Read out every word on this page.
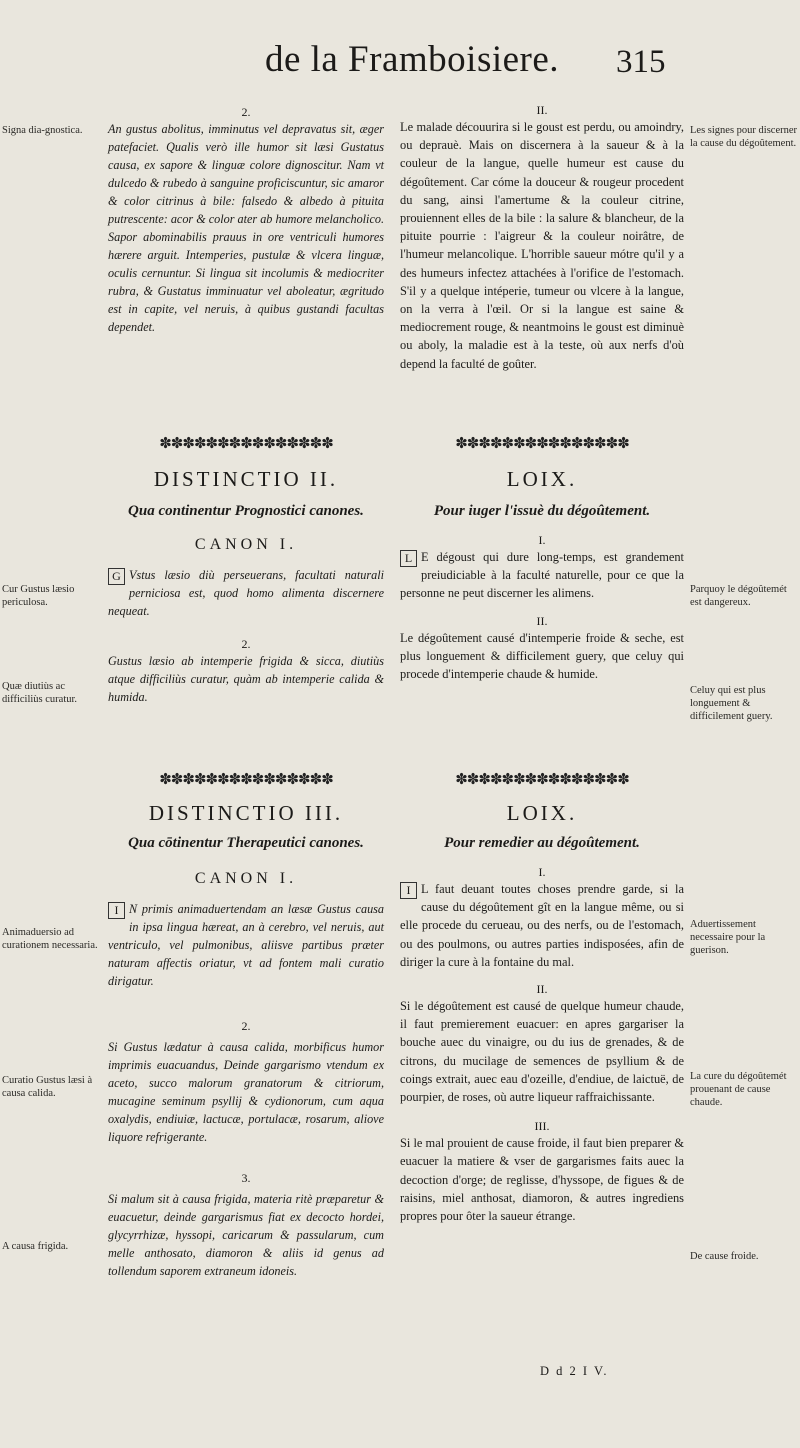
de la Framboisiere.	315
Signa dia-gnostica.
2.
An gustus abolitus, imminutus vel depravatus sit, æger patefaciet. Qualis verò ille humor sit læsi Gustatus causa, ex sapore & linguæ colore dignoscitur. Nam vt dulcedo & rubedo à sanguine proficiscuntur, sic amaror & color citrinus à bile: falsedo & albedo à pituita putrescente: acor & color ater ab humore melancholico. Sapor abominabilis prauus in ore ventriculi humores hærere arguit. Intemperies, pustulæ & vlcera linguæ, oculis cernuntur. Si lingua sit incolumis & mediocriter rubra, & Gustatus imminuatur vel aboleatur, ægritudo est in capite, vel neruis, à quibus gustandi facultas dependet.
II.
Le malade découurira si le goust est perdu, ou amoindry, ou deprauè. Mais on discernera à la saueur & à la couleur de la langue, quelle humeur est cause du dégoûtement. Car cóme la douceur & rougeur procedent du sang, ainsi l'amertume & la couleur citrine, prouiennent elles de la bile : la salure & blancheur, de la pituite pourrie : l'aigreur & la couleur noirâtre, de l'humeur melancolique. L'horrible saueur mótre qu'il y a des humeurs infectez attachées à l'orifice de l'estomach. S'il y a quelque intéperie, tumeur ou vlcere à la langue, on la verra à l'œil. Or si la langue est saine & mediocrement rouge, & neantmoins le goust est diminuè ou aboly, la maladie est à la teste, où aux nerfs d'où depend la faculté de goûter.
Les signes pour discerner la cause du dégoûtement.
✽✽✽✽✽✽✽✽✽✽✽✽✽✽✽
DISTINCTIO II.
Qua continentur Prognostici canones.
CANON I.
G Vstus læsio diù perseuerans, facultati naturali perniciosa est, quod homo alimenta discernere nequeat.
2.
Gustus læsio ab intemperie frigida & sicca, diutiùs atque difficiliùs curatur, quàm ab intemperie calida & humida.
Cur Gustus læsio periculosa.
Quæ diutiùs ac difficiliùs curatur.
✽✽✽✽✽✽✽✽✽✽✽✽✽✽✽
LOIX.
Pour iuger l'issuè du dégoûtement.
I.
L E dégoust qui dure long-temps, est grandement preiudiciable à la faculté naturelle, pour ce que la personne ne peut discerner les alimens.
II.
Le dégoûtement causé d'intemperie froide & seche, est plus longuement & difficilement guery, que celuy qui procede d'intemperie chaude & humide.
Parquoy le dégoûtemét est dangereux.
Celuy qui est plus longuement & difficilement guery.
✽✽✽✽✽✽✽✽✽✽✽✽✽✽✽
DISTINCTIO III.
Qua cōtinentur Therapeutici canones.
CANON I.
I N primis animaduertendam an læsæ Gustus causa in ipsa lingua hæreat, an à cerebro, vel neruis, aut ventriculo, vel pulmonibus, aliisve partibus præter naturam affectis oriatur, vt ad fontem mali curatio dirigatur.
2.
Si Gustus lædatur à causa calida, morbificus humor imprimis euacuandus, Deinde gargarismo vtendum ex aceto, succo malorum granatorum & citriorum, mucagine seminum psyllij & cydionorum, cum aqua oxalydis, endiuiæ, lactucæ, portulacæ, rosarum, aliove liquore refrigerante.
3.
Si malum sit à causa frigida, materia ritè præparetur & euacuetur, deinde gargarismus fiat ex decocto hordei, glycyrrhizæ, hyssopi, caricarum & passularum, cum melle anthosato, diamoron & aliis id genus ad tollendum saporem extraneum idoneis.
Animaduersio ad curationem necessaria.
Curatio Gustus læsi à causa calida.
A causa frigida.
✽✽✽✽✽✽✽✽✽✽✽✽✽✽✽
LOIX.
Pour remedier au dégoûtement.
I.
I L faut deuant toutes choses prendre garde, si la cause du dégoûtement gît en la langue même, ou si elle procede du cerueau, ou des nerfs, ou de l'estomach, ou des poulmons, ou autres parties indisposées, afin de diriger la cure à la fontaine du mal.
II.
Si le dégoûtement est causé de quelque humeur chaude, il faut premierement euacuer: en apres gargariser la bouche auec du vinaigre, ou du ius de grenades, & de citrons, du mucilage de semences de psyllium & de coings extrait, auec eau d'ozeille, d'endiue, de laictuë, de pourpier, de roses, où autre liqueur raffraichissante.
III.
Si le mal prouient de cause froide, il faut bien preparer & euacuer la matiere & vser de gargarismes faits auec la decoction d'orge; de reglisse, d'hyssope, de figues & de raisins, miel anthosat, diamoron, & autres ingrediens propres pour ôter la saueur étrange.
Aduertissement necessaire pour la guerison.
La cure du dégoûtemét prouenant de cause chaude.
De cause froide.
D d 2 I V.
